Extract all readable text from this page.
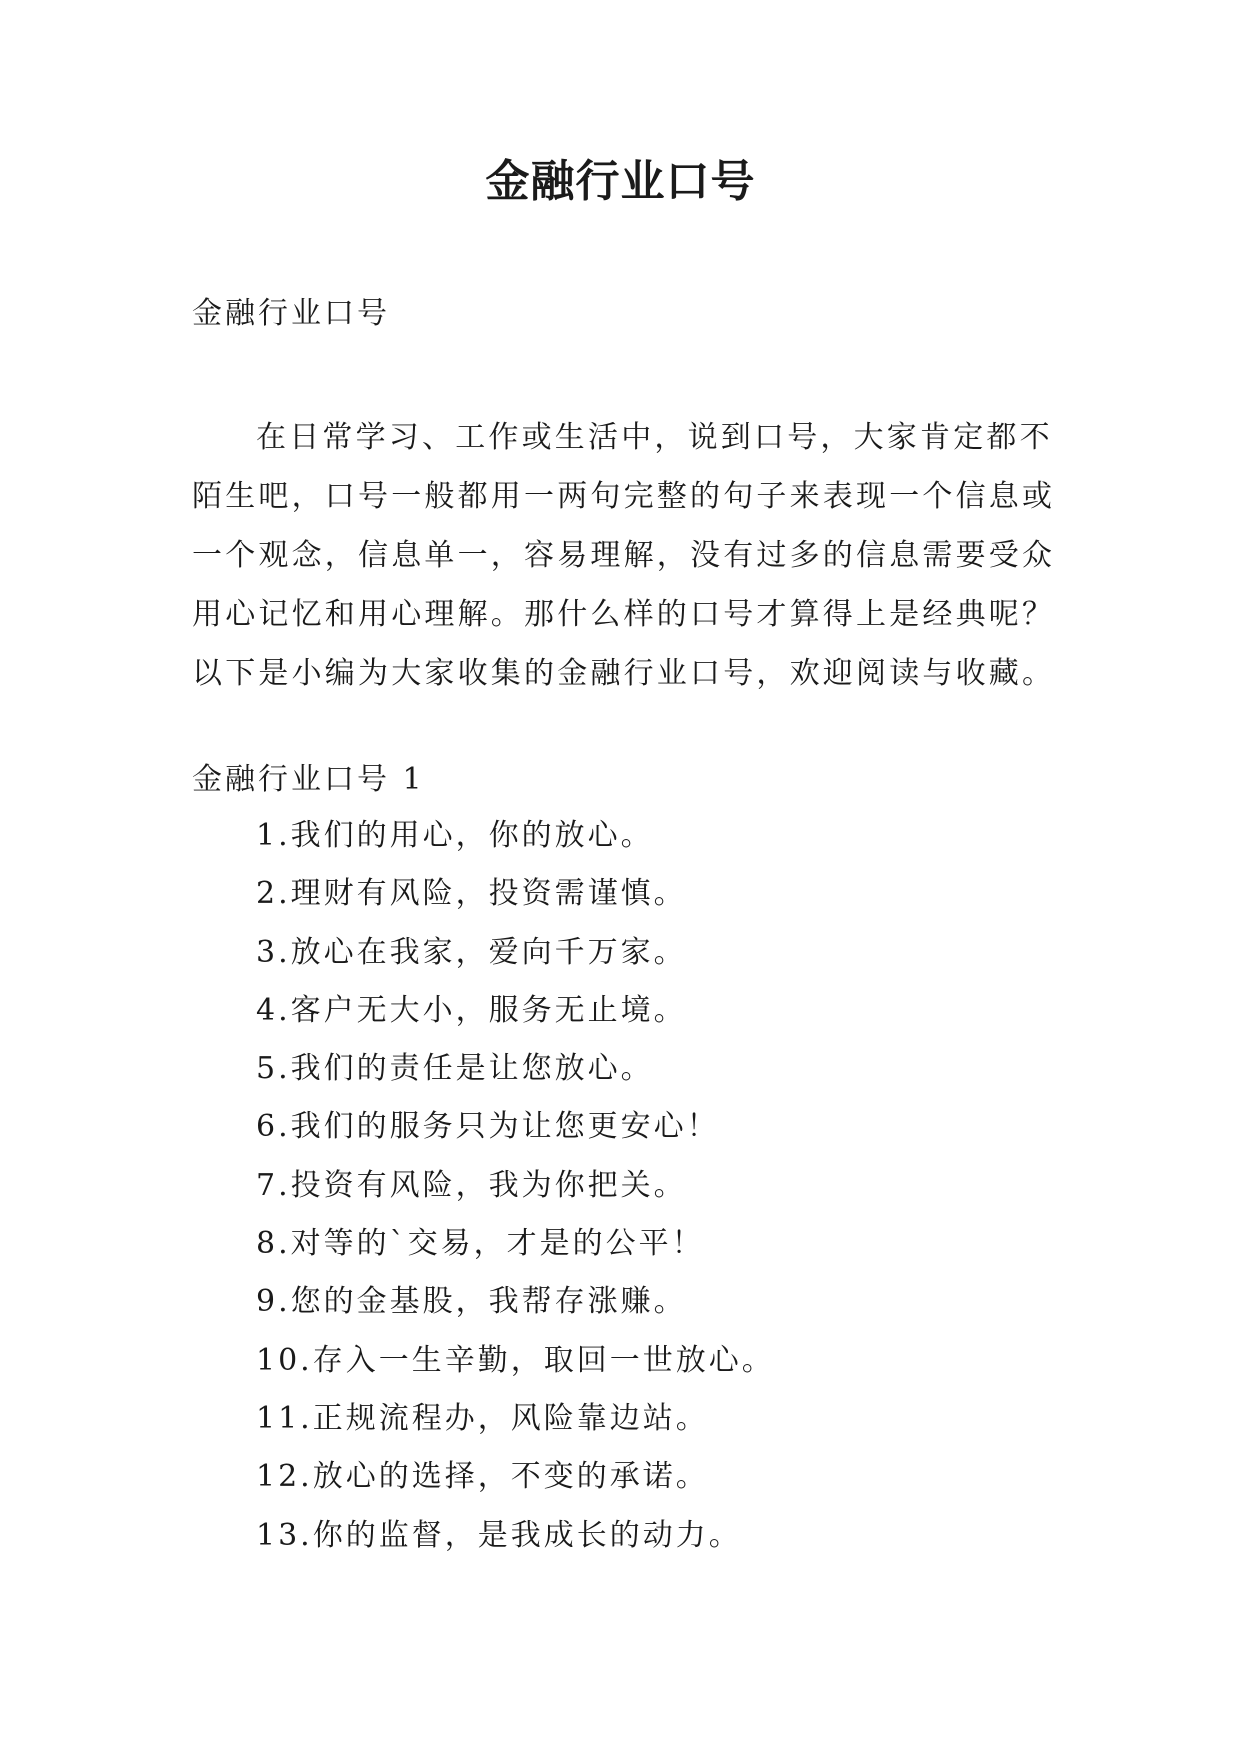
金融行业口号
金融行业口号

在日常学习、工作或生活中，说到口号，大家肯定都不
陌生吧，口号一般都用一两句完整的句子来表现一个信息或
一个观念，信息单一，容易理解，没有过多的信息需要受众
用心记忆和用心理解。那什么样的口号才算得上是经典呢？
以下是小编为大家收集的金融行业口号，欢迎阅读与收藏。

金融行业口号 1
1.我们的用心，你的放心。
2.理财有风险，投资需谨慎。
3.放心在我家，爱向千万家。
4.客户无大小，服务无止境。
5.我们的责任是让您放心。
6.我们的服务只为让您更安心！
7.投资有风险，我为你把关。
8.对等的`交易，才是的公平！
9.您的金基股，我帮存涨赚。
10.存入一生辛勤，取回一世放心。
11.正规流程办，风险靠边站。
12.放心的选择，不变的承诺。
13.你的监督，是我成长的动力。
